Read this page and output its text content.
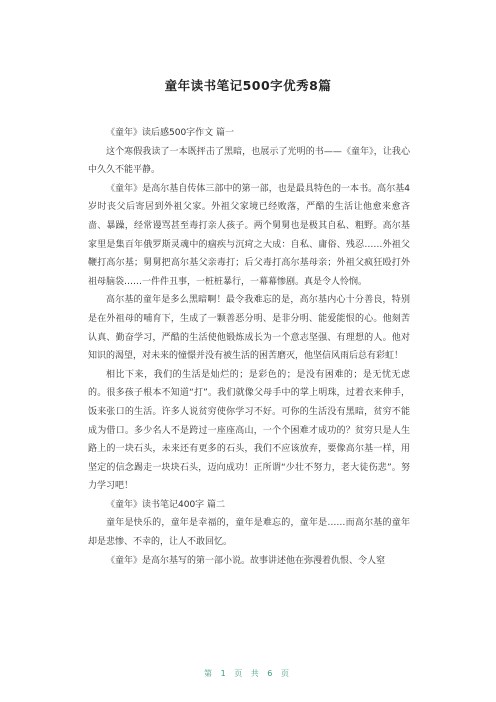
童年读书笔记500字优秀8篇

《童年》读后感500字作文 篇一

这个寒假我读了一本既抨击了黑暗，也展示了光明的书——《童年》，让我心中久久不能平静。

《童年》是高尔基自传体三部中的第一部，也是最具特色的一本书。高尔基4岁时丧父后寄居到外祖父家。外祖父家境已经败落，严酷的生活让他愈来愈吝啬、暴躁，经常谩骂甚至毒打亲人孩子。两个舅舅也是极其自私、粗野。高尔基家里是集百年俄罗斯灵魂中的痼疾与沉疴之大成：自私、庸俗、残忍……外祖父鞭打高尔基；舅舅把高尔基父亲毒打；后父毒打高尔基母亲；外祖父疯狂殴打外祖母脑袋……一件件丑事，一桩桩暴行，一幕幕惨剧。真是令人怜悯。

高尔基的童年是多么黑暗啊！最令我难忘的是，高尔基内心十分善良，特别是在外祖母的哺育下，生成了一颗善恶分明、是非分明、能爱能恨的心。他刻苦认真、勤奋学习，严酷的生活使他锻炼成长为一个意志坚强、有理想的人。他对知识的渴望，对未来的憧憬并没有被生活的困苦磨灭，他坚信风雨后总有彩虹！

相比下来，我们的生活是灿烂的；是彩色的；是没有困难的；是无忧无虑的。很多孩子根本不知道“打”。我们就像父母手中的掌上明珠，过着衣来伸手，饭来张口的生活。许多人说贫穷使你学习不好。可你的生活没有黑暗，贫穷不能成为借口。多少名人不是跨过一座座高山，一个个困难才成功的？贫穷只是人生路上的一块石头，未来还有更多的石头，我们不应该放弃，要像高尔基一样，用坚定的信念踢走一块块石头，迈向成功！正所谓“少壮不努力，老大徒伤悲”。努力学习吧！

《童年》读书笔记400字 篇二

童年是快乐的，童年是幸福的，童年是难忘的，童年是……而高尔基的童年却是悲惨、不幸的，让人不敢回忆。

《童年》是高尔基写的第一部小说。故事讲述他在弥漫着仇恨、令人窒

第 1 页 共 6 页
